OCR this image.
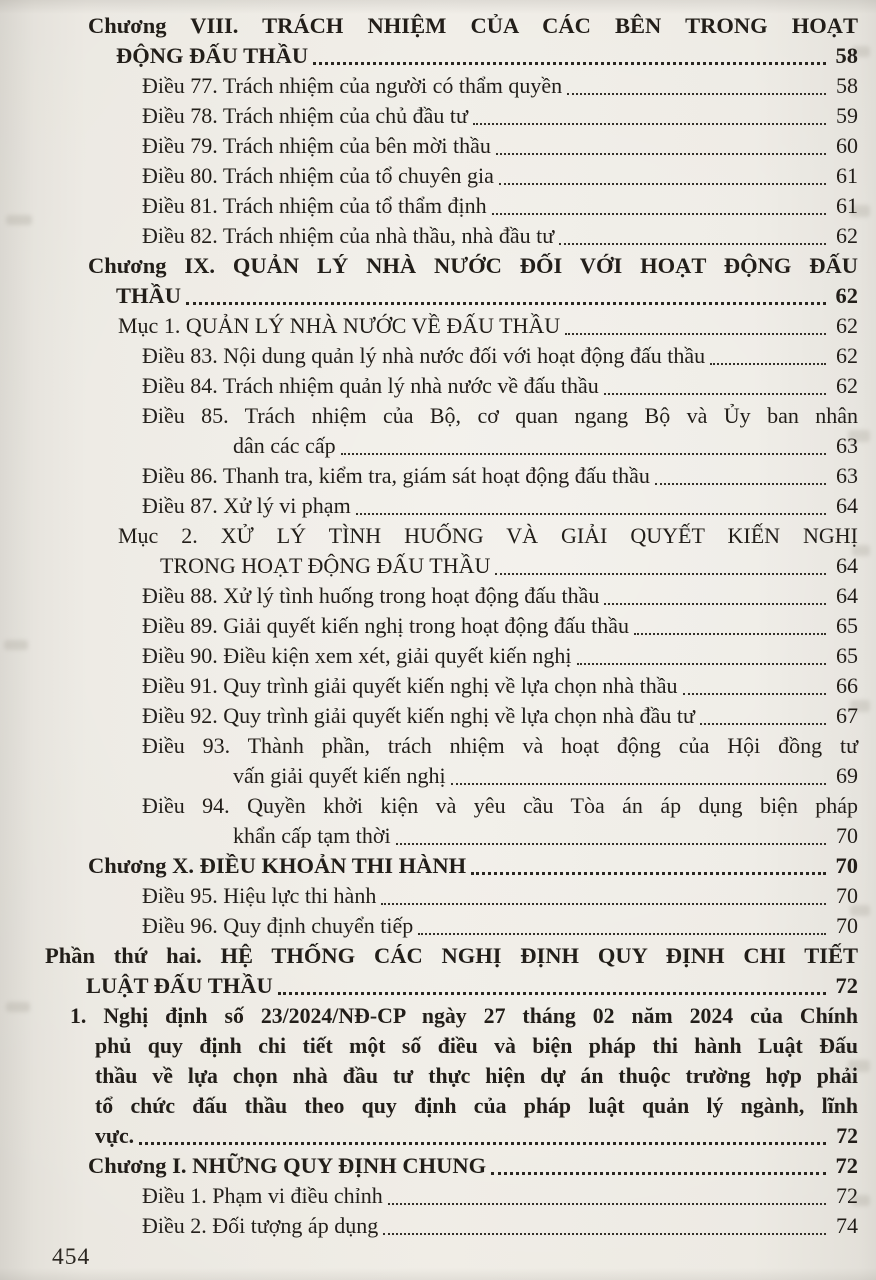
Chương VIII. TRÁCH NHIỆM CỦA CÁC BÊN TRONG HOẠT
ĐỘNG ĐẤU THẦU	58
Điều 77. Trách nhiệm của người có thẩm quyền	58
Điều 78. Trách nhiệm của chủ đầu tư	59
Điều 79. Trách nhiệm của bên mời thầu	60
Điều 80. Trách nhiệm của tổ chuyên gia	61
Điều 81. Trách nhiệm của tổ thẩm định	61
Điều 82. Trách nhiệm của nhà thầu, nhà đầu tư	62
Chương IX. QUẢN LÝ NHÀ NƯỚC ĐỐI VỚI HOẠT ĐỘNG ĐẤU
THẦU	62
Mục 1. QUẢN LÝ NHÀ NƯỚC VỀ ĐẤU THẦU	62
Điều 83. Nội dung quản lý nhà nước đối với hoạt động đấu thầu	62
Điều 84. Trách nhiệm quản lý nhà nước về đấu thầu	62
Điều 85. Trách nhiệm của Bộ, cơ quan ngang Bộ và Ủy ban nhân
dân các cấp	63
Điều 86. Thanh tra, kiểm tra, giám sát hoạt động đấu thầu	63
Điều 87. Xử lý vi phạm	64
Mục 2. XỬ LÝ TÌNH HUỐNG VÀ GIẢI QUYẾT KIẾN NGHỊ
TRONG HOẠT ĐỘNG ĐẤU THẦU	64
Điều 88. Xử lý tình huống trong hoạt động đấu thầu	64
Điều 89. Giải quyết kiến nghị trong hoạt động đấu thầu	65
Điều 90. Điều kiện xem xét, giải quyết kiến nghị	65
Điều 91. Quy trình giải quyết kiến nghị về lựa chọn nhà thầu	66
Điều 92. Quy trình giải quyết kiến nghị về lựa chọn nhà đầu tư	67
Điều 93. Thành phần, trách nhiệm và hoạt động của Hội đồng tư
vấn giải quyết kiến nghị	69
Điều 94. Quyền khởi kiện và yêu cầu Tòa án áp dụng biện pháp
khẩn cấp tạm thời	70
Chương X. ĐIỀU KHOẢN THI HÀNH	70
Điều 95. Hiệu lực thi hành	70
Điều 96. Quy định chuyển tiếp	70
Phần thứ hai. HỆ THỐNG CÁC NGHỊ ĐỊNH QUY ĐỊNH CHI TIẾT
LUẬT ĐẤU THẦU	72
1. Nghị định số 23/2024/NĐ-CP ngày 27 tháng 02 năm 2024 của Chính
phủ quy định chi tiết một số điều và biện pháp thi hành Luật Đấu
thầu về lựa chọn nhà đầu tư thực hiện dự án thuộc trường hợp phải
tổ chức đấu thầu theo quy định của pháp luật quản lý ngành, lĩnh
vực.	72
Chương I. NHỮNG QUY ĐỊNH CHUNG	72
Điều 1. Phạm vi điều chỉnh	72
Điều 2. Đối tượng áp dụng	74
454
